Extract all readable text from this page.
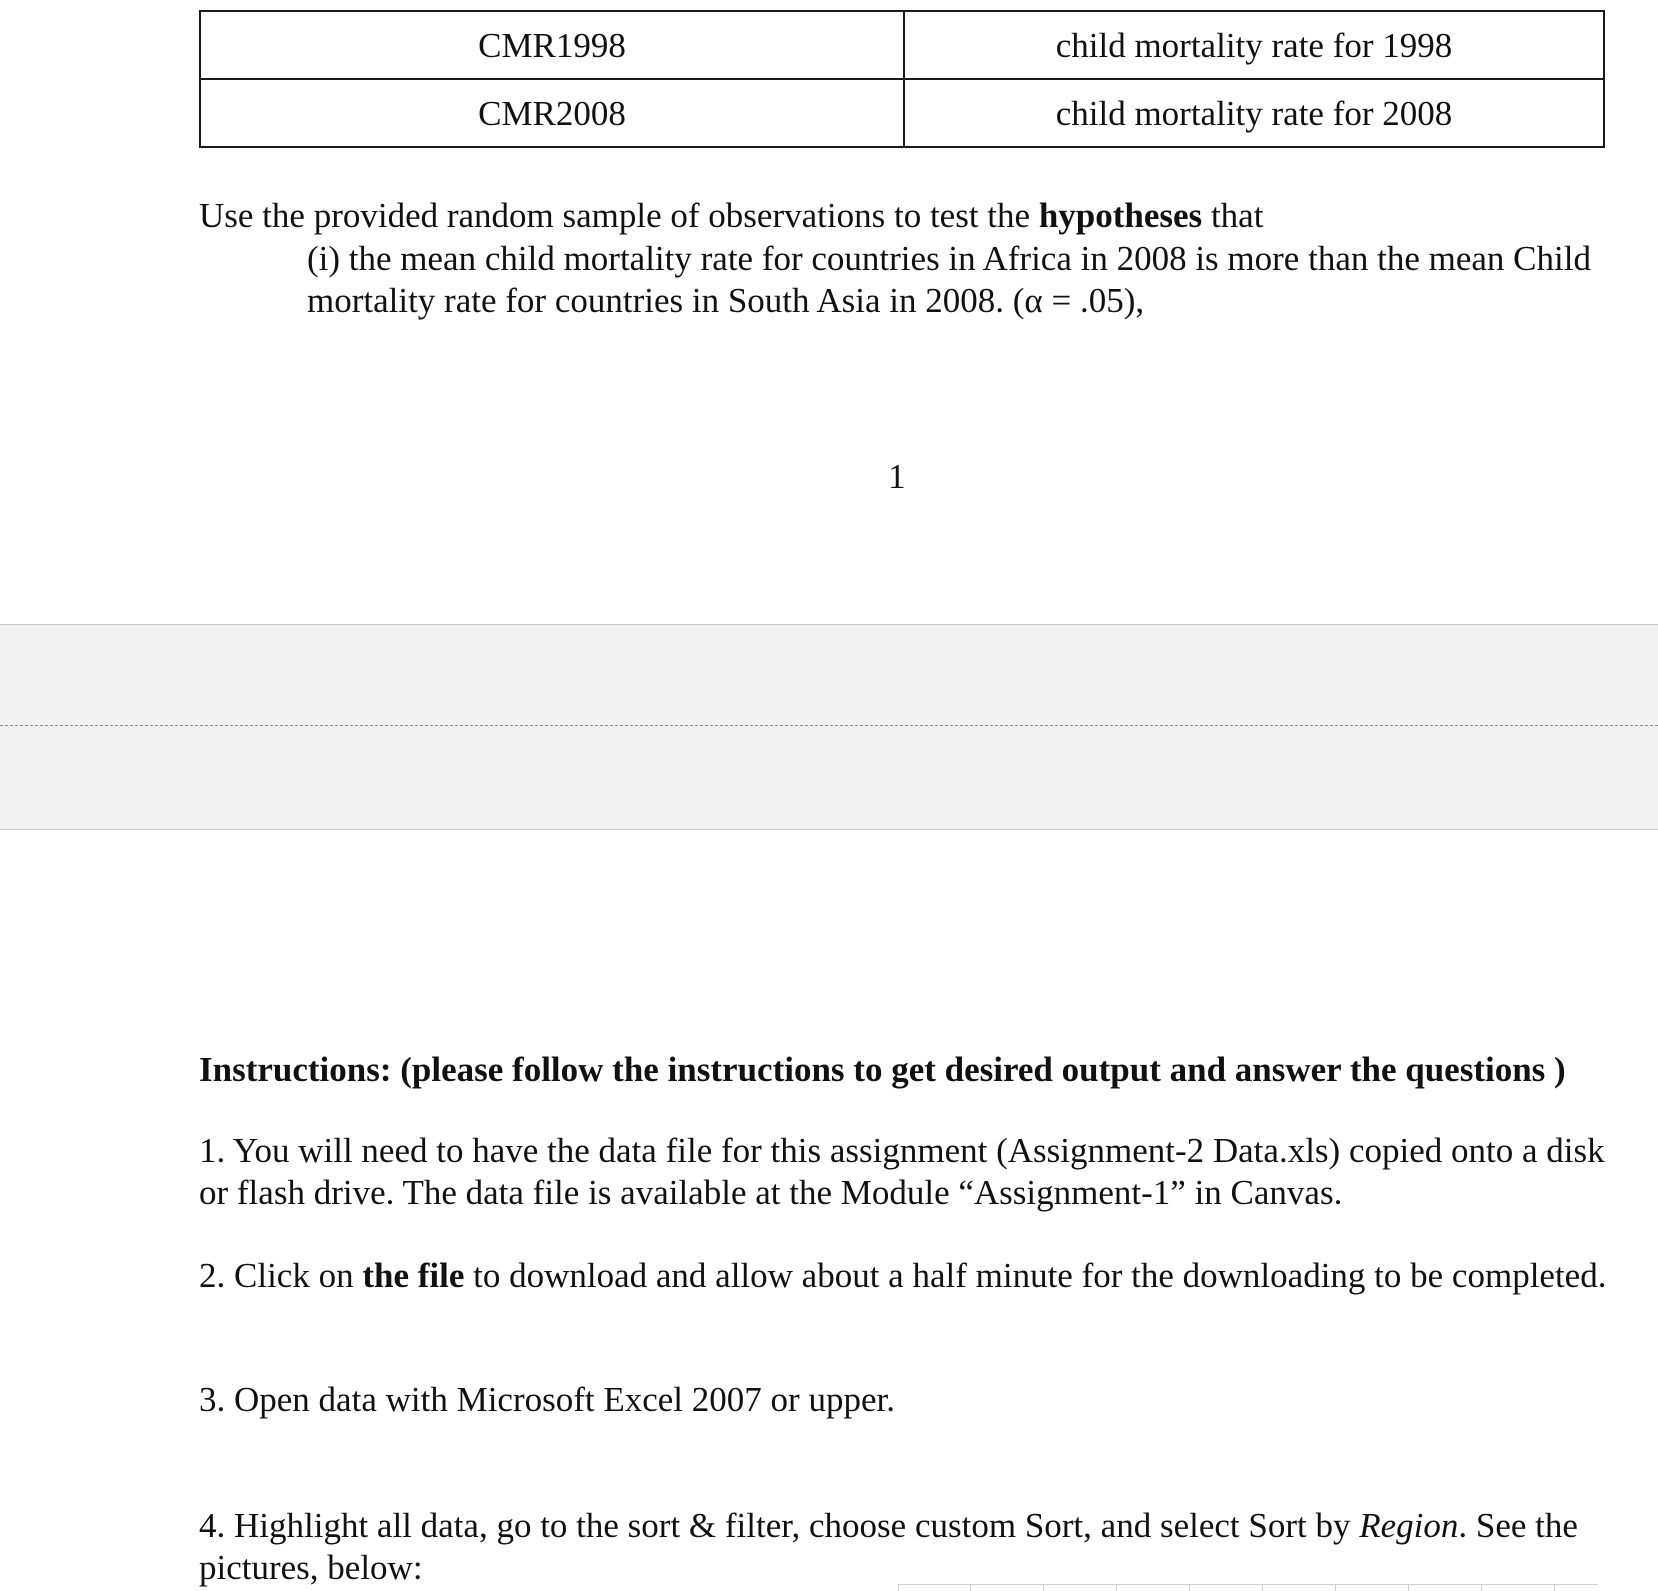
CMR1998	child mortality rate for 1998
CMR2008	child mortality rate for 2008

Use the provided random sample of observations to test the hypotheses that

(i) the mean child mortality rate for countries in Africa in 2008 is more than the mean Child mortality rate for countries in South Asia in 2008. (α = .05),

1

Instructions: (please follow the instructions to get desired output and answer the questions )

1. You will need to have the data file for this assignment (Assignment-2 Data.xls) copied onto a disk or flash drive. The data file is available at the Module “Assignment-1” in Canvas.

2. Click on the file to download and allow about a half minute for the downloading to be completed.

3. Open data with Microsoft Excel 2007 or upper.

4. Highlight all data, go to the sort & filter, choose custom Sort, and select Sort by Region. See the pictures, below:
